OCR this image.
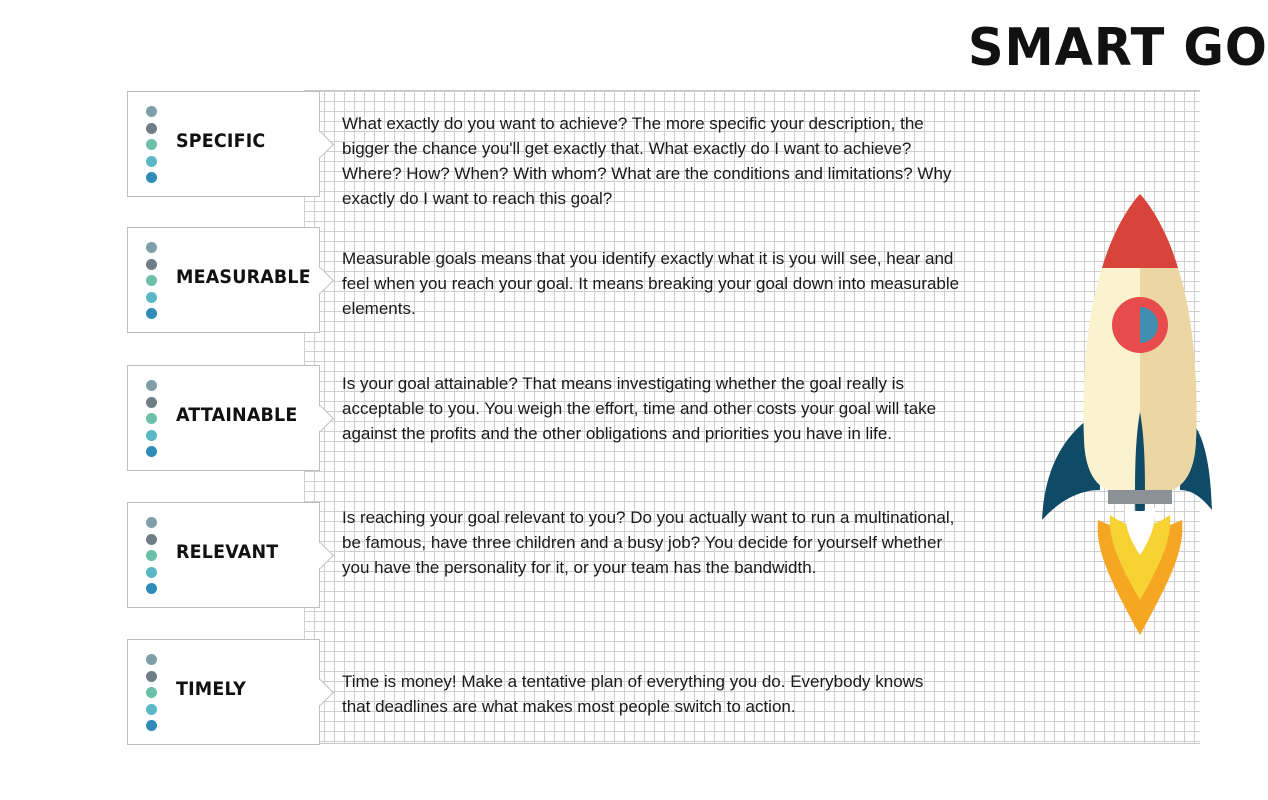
SMART GO
SPECIFIC
What exactly do you want to achieve? The more specific your description, the bigger the chance you'll get exactly that. What exactly do I want to achieve? Where? How? When? With whom? What are the conditions and limitations? Why exactly do I want to reach this goal?
MEASURABLE
Measurable goals means that you identify exactly what it is you will see, hear and feel when you reach your goal. It means breaking your goal down into measurable elements.
ATTAINABLE
Is your goal attainable? That means investigating whether the goal really is acceptable to you. You weigh the effort, time and other costs your goal will take against the profits and the other obligations and priorities you have in life.
RELEVANT
Is reaching your goal relevant to you? Do you actually want to run a multinational, be famous, have three children and a busy job? You decide for yourself whether you have the personality for it, or your team has the bandwidth.
TIMELY	Time is money! Make a tentative plan of everything you do. Everybody knows that deadlines are what makes most people switch to action.
